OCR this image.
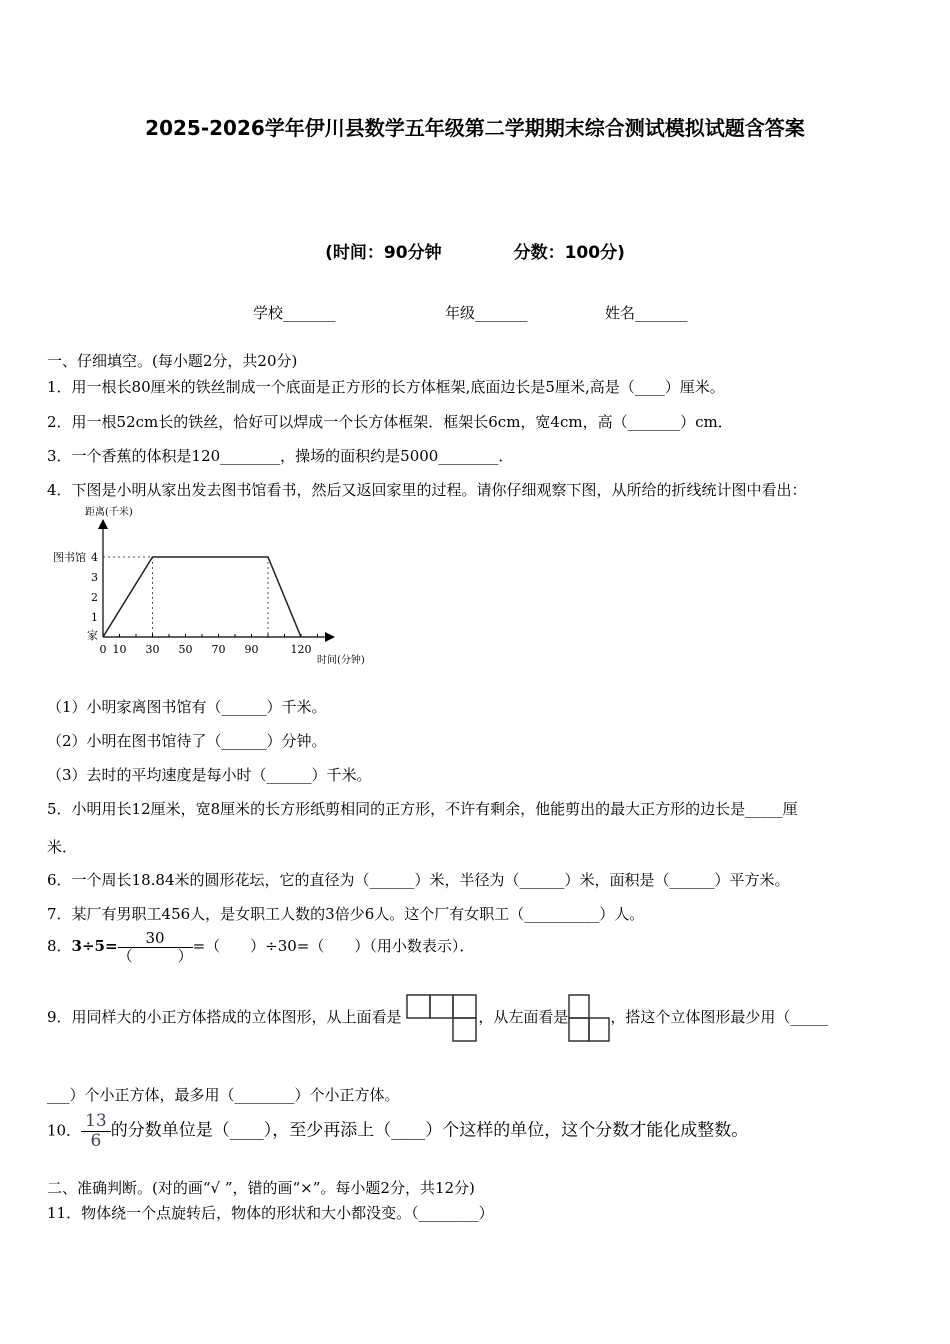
2025-2026学年伊川县数学五年级第二学期期末综合测试模拟试题含答案
(时间：90分钟	分数：100分)
学校_______	年级_______	姓名_______
一、仔细填空。(每小题2分，共20分)
1．用一根长80厘米的铁丝制成一个底面是正方形的长方体框架,底面边长是5厘米,高是（____）厘米。
2．用一根52cm长的铁丝，恰好可以焊成一个长方体框架．框架长6cm，宽4cm，高（_______）cm．
3．一个香蕉的体积是120________，操场的面积约是5000________．
4．下图是小明从家出发去图书馆看书，然后又返回家里的过程。请你仔细观察下图，从所给的折线统计图中看出：
距离(千米)
时间(分钟)
1
2
3
4
图书馆
家
0 10 30 50 70 90	120
（1）小明家离图书馆有（______）千米。
（2）小明在图书馆待了（______）分钟。
（3）去时的平均速度是每小时（______）千米。
5．小明用长12厘米，宽8厘米的长方形纸剪相同的正方形，不许有剩余，他能剪出的最大正方形的边长是_____厘
米．
6．一个周长18.84米的圆形花坛，它的直径为（______）米，半径为（______）米，面积是（______）平方米。
7．某厂有男职工456人，是女职工人数的3倍少6人。这个厂有女职工（__________）人。
8．$3\div 5= \frac{30}{( )}$ =（　　）÷30=（　　）（用小数表示）．
9．用同样大的小正方体搭成的立体图形，从上面看是	，从左面看是	，搭这个立体图形最少用（_____
___）个小正方体，最多用（________）个小正方体。
10． $\frac{13}{6}$ 的分数单位是（____），至少再添上（____）个这样的单位，这个分数才能化成整数。
二、准确判断。(对的画“√ ”，错的画“×”。每小题2分，共12分)
11．物体绕一个点旋转后，物体的形状和大小都没变。（________）
